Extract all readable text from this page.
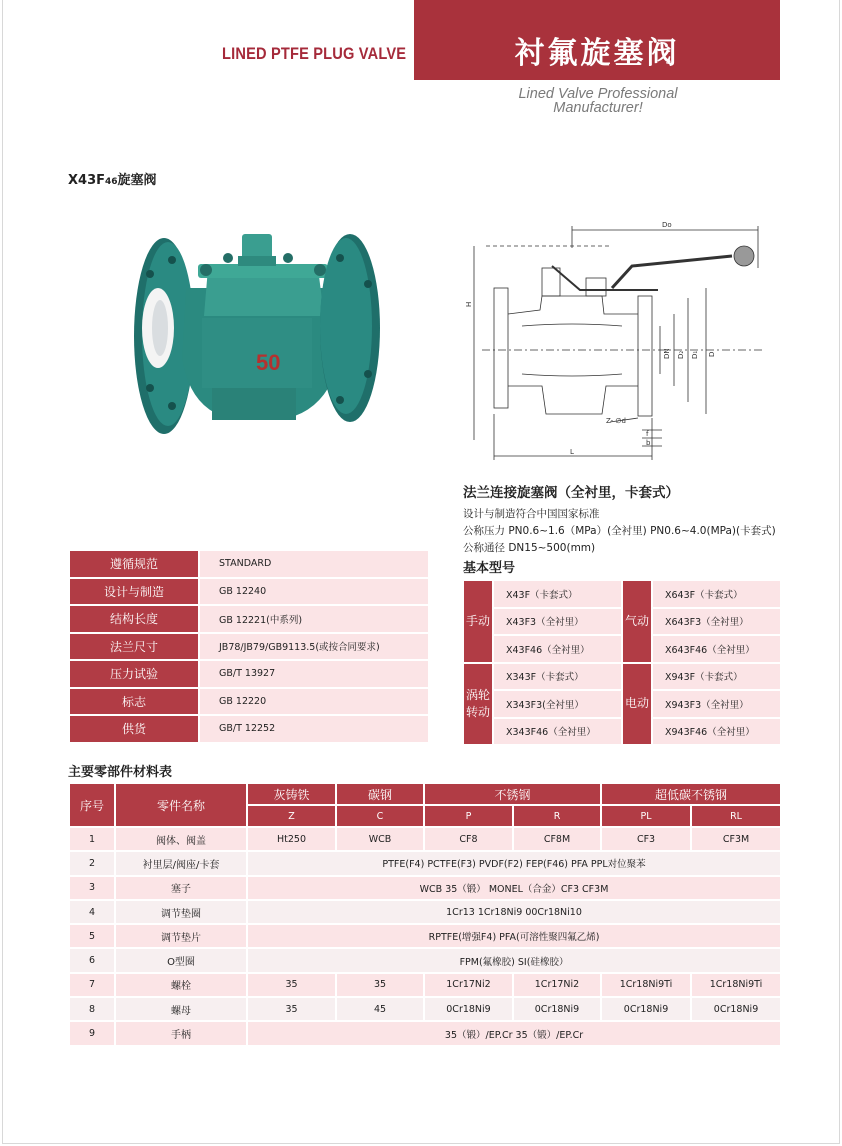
LINED PTFE PLUG VALVE	衬氟旋塞阀
Lined Valve Professional
Manufacturer!
X43F46旋塞阀
50
Do
H
DN D₂ D₁ D
Z- ∅d
f
b
L
法兰连接旋塞阀（全衬里，卡套式）
设计与制造符合中国国家标准
公称压力 PN0.6~1.6（MPa）(全衬里) PN0.6~4.0(MPa)(卡套式)
公称通径 DN15~500(mm)
遵循规范	STANDARD
设计与制造	GB 12240
结构长度	GB 12221(中系列)
法兰尺寸	JB78/JB79/GB9113.5(或按合同要求)
压力试验	GB/T 13927
标志	GB 12220
供货	GB/T 12252
基本型号
手动	X43F（卡套式）	气动	X643F（卡套式）
	X43F3（全衬里）		X643F3（全衬里）
	X43F46（全衬里）		X643F46（全衬里）
涡轮
转动	X343F（卡套式）	电动	X943F（卡套式）
	X343F3(全衬里）		X943F3（全衬里）
	X343F46（全衬里）		X943F46（全衬里）
主要零部件材料表
序号	零件名称	灰铸铁	碳钢	不锈钢		超低碳不锈钢	
		Z	C	P	R	PL	RL
1	阀体、阀盖	Ht250	WCB	CF8	CF8M	CF3	CF3M
2	衬里层/阀座/卡套	PTFE(F4) PCTFE(F3) PVDF(F2) FEP(F46) PFA PPL对位聚苯					
3	塞子	WCB 35（锻） MONEL（合金）CF3 CF3M					
4	调节垫圈	1Cr13 1Cr18Ni9 00Cr18Ni10					
5	调节垫片	RPTFE(增强F4) PFA(可溶性聚四氟乙烯)					
6	O型圈	FPM(氟橡胶) SI(硅橡胶）					
7	螺栓	35	35	1Cr17Ni2	1Cr17Ni2	1Cr18Ni9Ti	1Cr18Ni9Ti
8	螺母	35	45	0Cr18Ni9	0Cr18Ni9	0Cr18Ni9	0Cr18Ni9
9	手柄	35（锻）/EP.Cr 35（锻）/EP.Cr					
